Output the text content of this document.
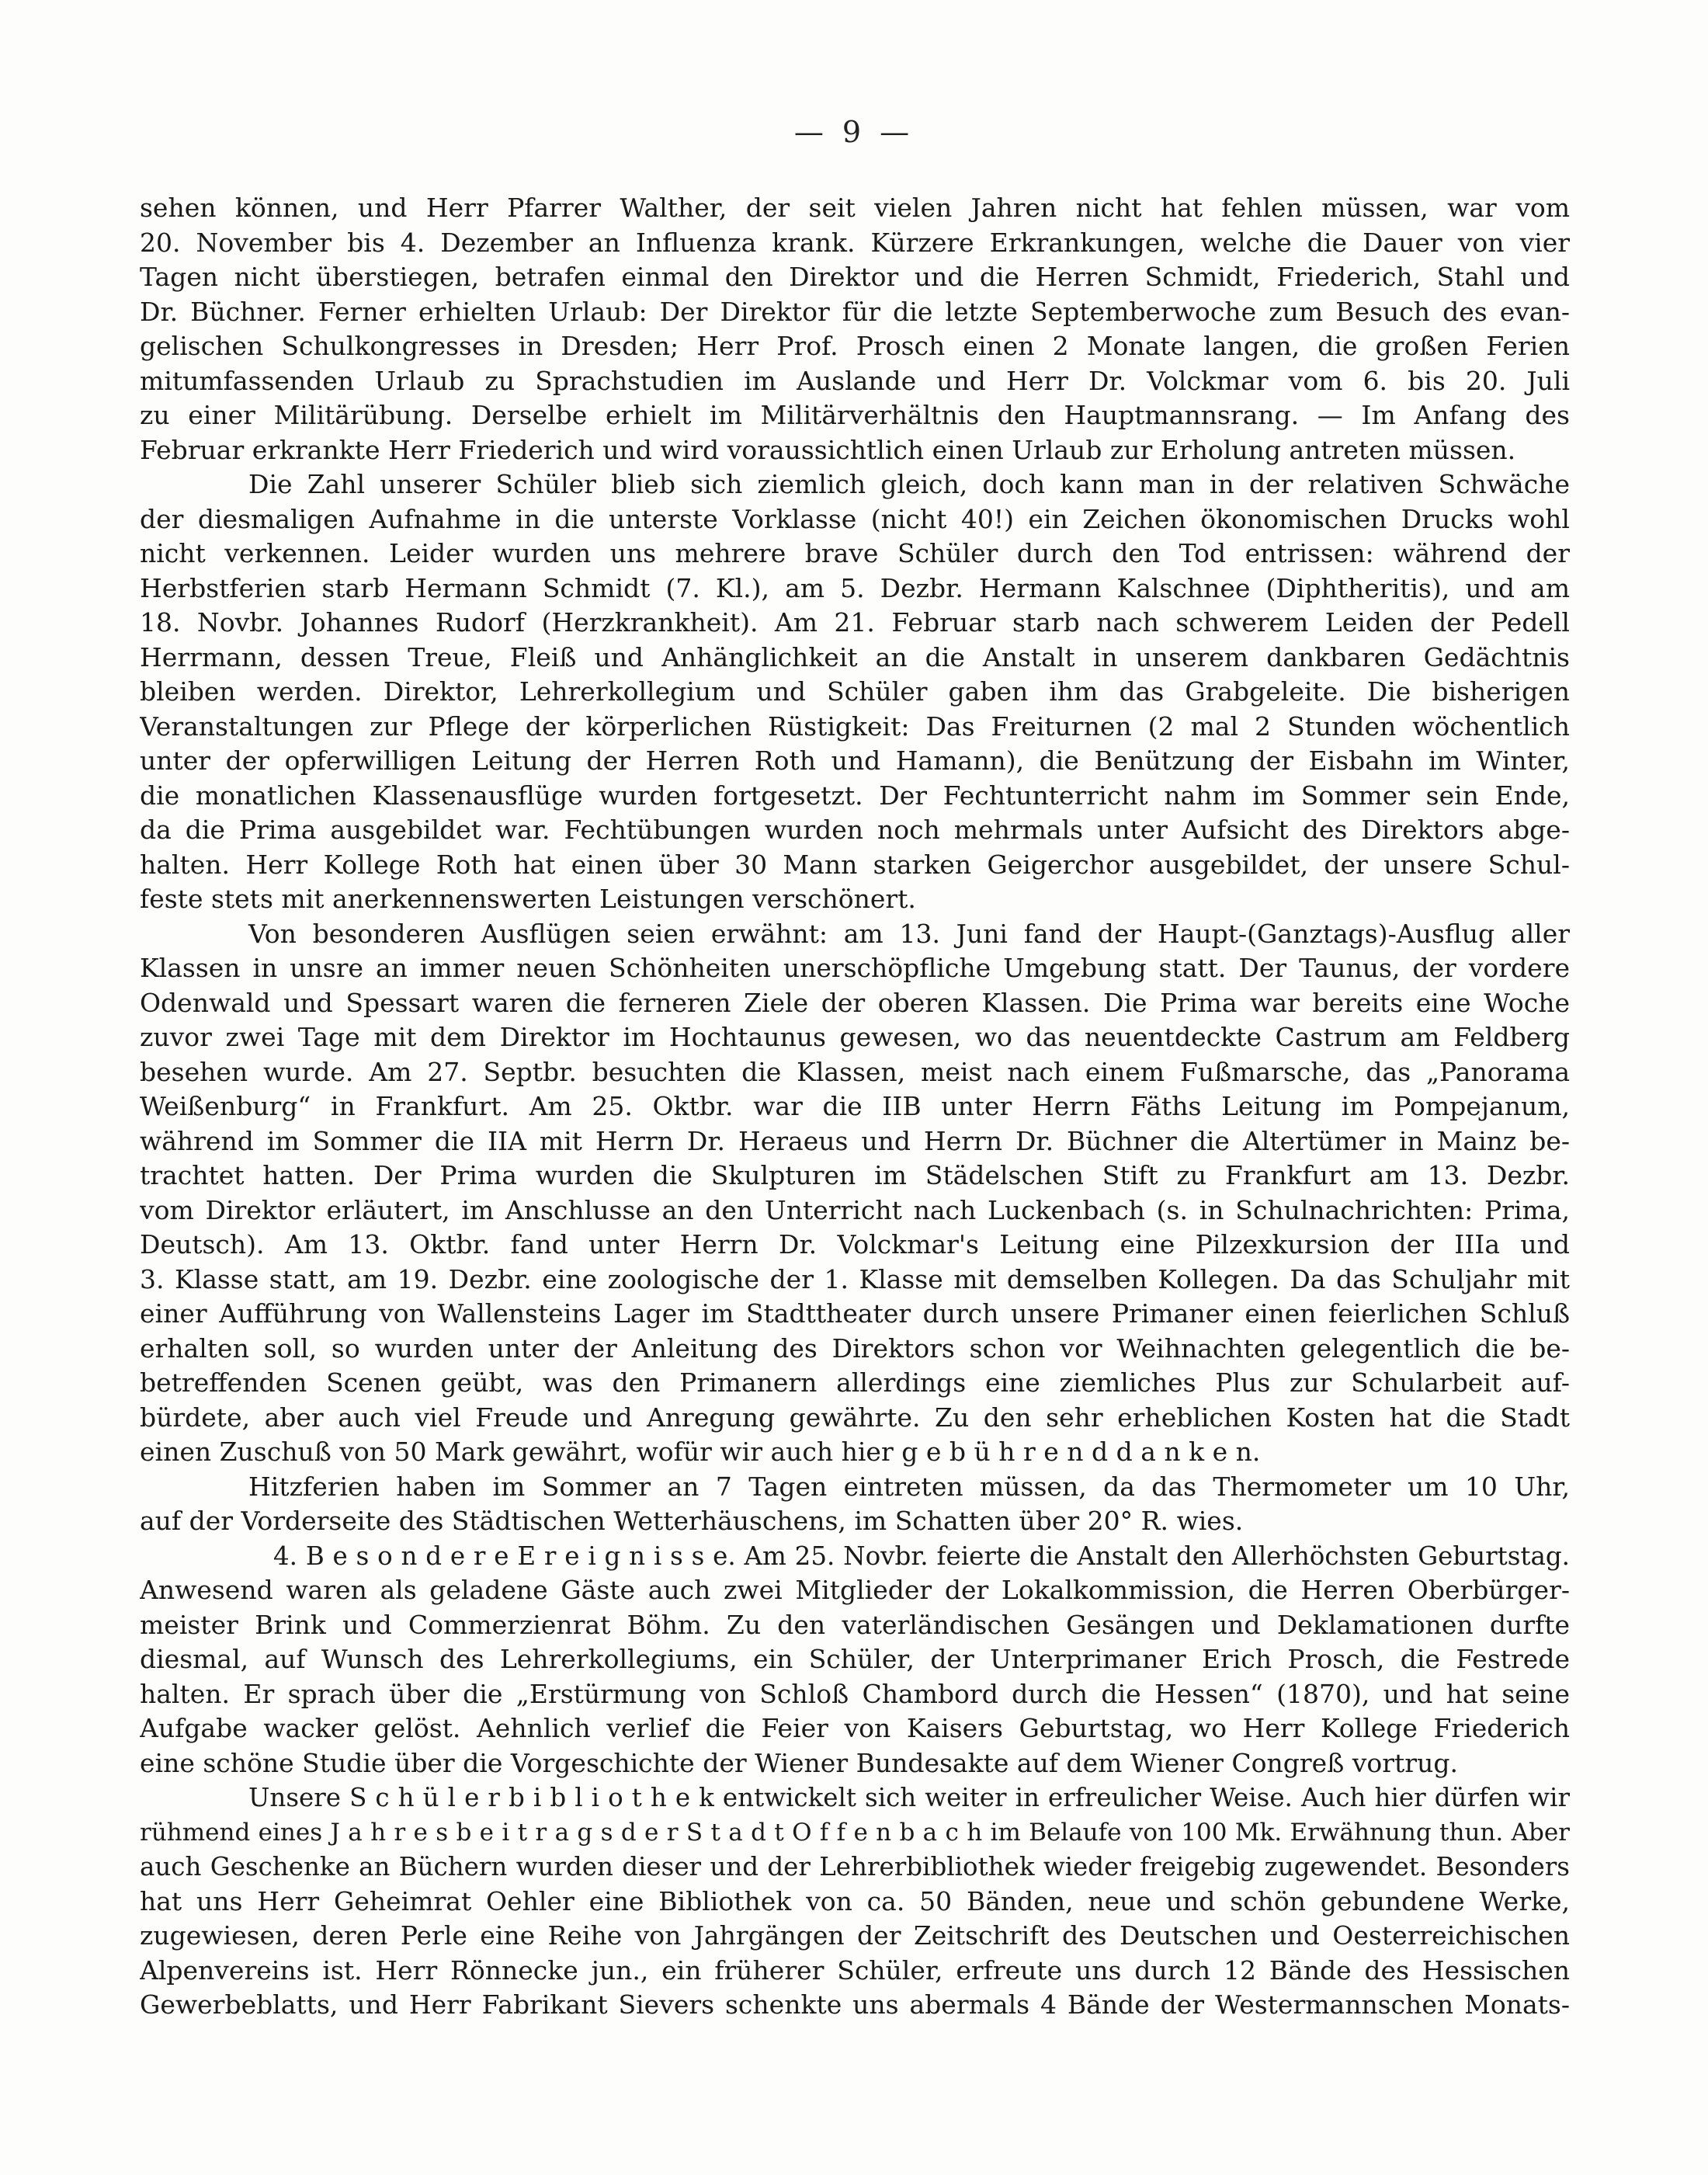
— 9 —
sehen können, und Herr Pfarrer Walther, der seit vielen Jahren nicht hat fehlen müssen, war vom
20. November bis 4. Dezember an Influenza krank. Kürzere Erkrankungen, welche die Dauer von vier
Tagen nicht überstiegen, betrafen einmal den Direktor und die Herren Schmidt, Friederich, Stahl und
Dr. Büchner. Ferner erhielten Urlaub: Der Direktor für die letzte Septemberwoche zum Besuch des evan-
gelischen Schulkongresses in Dresden; Herr Prof. Prosch einen 2 Monate langen, die großen Ferien
mitumfassenden Urlaub zu Sprachstudien im Auslande und Herr Dr. Volckmar vom 6. bis 20. Juli
zu einer Militärübung. Derselbe erhielt im Militärverhältnis den Hauptmannsrang. — Im Anfang des
Februar erkrankte Herr Friederich und wird voraussichtlich einen Urlaub zur Erholung antreten müssen.
Die Zahl unserer Schüler blieb sich ziemlich gleich, doch kann man in der relativen Schwäche
der diesmaligen Aufnahme in die unterste Vorklasse (nicht 40!) ein Zeichen ökonomischen Drucks wohl
nicht verkennen. Leider wurden uns mehrere brave Schüler durch den Tod entrissen: während der
Herbstferien starb Hermann Schmidt (7. Kl.), am 5. Dezbr. Hermann Kalschnee (Diphtheritis), und am
18. Novbr. Johannes Rudorf (Herzkrankheit). Am 21. Februar starb nach schwerem Leiden der Pedell
Herrmann, dessen Treue, Fleiß und Anhänglichkeit an die Anstalt in unserem dankbaren Gedächtnis
bleiben werden. Direktor, Lehrerkollegium und Schüler gaben ihm das Grabgeleite. Die bisherigen
Veranstaltungen zur Pflege der körperlichen Rüstigkeit: Das Freiturnen (2 mal 2 Stunden wöchentlich
unter der opferwilligen Leitung der Herren Roth und Hamann), die Benützung der Eisbahn im Winter,
die monatlichen Klassenausflüge wurden fortgesetzt. Der Fechtunterricht nahm im Sommer sein Ende,
da die Prima ausgebildet war. Fechtübungen wurden noch mehrmals unter Aufsicht des Direktors abge-
halten. Herr Kollege Roth hat einen über 30 Mann starken Geigerchor ausgebildet, der unsere Schul-
feste stets mit anerkennenswerten Leistungen verschönert.
Von besonderen Ausflügen seien erwähnt: am 13. Juni fand der Haupt-(Ganztags)-Ausflug aller
Klassen in unsre an immer neuen Schönheiten unerschöpfliche Umgebung statt. Der Taunus, der vordere
Odenwald und Spessart waren die ferneren Ziele der oberen Klassen. Die Prima war bereits eine Woche
zuvor zwei Tage mit dem Direktor im Hochtaunus gewesen, wo das neuentdeckte Castrum am Feldberg
besehen wurde. Am 27. Septbr. besuchten die Klassen, meist nach einem Fußmarsche, das „Panorama
Weißenburg“ in Frankfurt. Am 25. Oktbr. war die IIB unter Herrn Fäths Leitung im Pompejanum,
während im Sommer die IIA mit Herrn Dr. Heraeus und Herrn Dr. Büchner die Altertümer in Mainz be-
trachtet hatten. Der Prima wurden die Skulpturen im Städelschen Stift zu Frankfurt am 13. Dezbr.
vom Direktor erläutert, im Anschlusse an den Unterricht nach Luckenbach (s. in Schulnachrichten: Prima,
Deutsch). Am 13. Oktbr. fand unter Herrn Dr. Volckmar's Leitung eine Pilzexkursion der IIIa und
3. Klasse statt, am 19. Dezbr. eine zoologische der 1. Klasse mit demselben Kollegen. Da das Schuljahr mit
einer Aufführung von Wallensteins Lager im Stadttheater durch unsere Primaner einen feierlichen Schluß
erhalten soll, so wurden unter der Anleitung des Direktors schon vor Weihnachten gelegentlich die be-
betreffenden Scenen geübt, was den Primanern allerdings eine ziemliches Plus zur Schularbeit auf-
bürdete, aber auch viel Freude und Anregung gewährte. Zu den sehr erheblichen Kosten hat die Stadt
einen Zuschuß von 50 Mark gewährt, wofür wir auch hier g e b ü h r e n d d a n k e n.
Hitzferien haben im Sommer an 7 Tagen eintreten müssen, da das Thermometer um 10 Uhr,
auf der Vorderseite des Städtischen Wetterhäuschens, im Schatten über 20° R. wies.
4. B e s o n d e r e E r e i g n i s s e. Am 25. Novbr. feierte die Anstalt den Allerhöchsten Geburtstag.
Anwesend waren als geladene Gäste auch zwei Mitglieder der Lokalkommission, die Herren Oberbürger-
meister Brink und Commerzienrat Böhm. Zu den vaterländischen Gesängen und Deklamationen durfte
diesmal, auf Wunsch des Lehrerkollegiums, ein Schüler, der Unterprimaner Erich Prosch, die Festrede
halten. Er sprach über die „Erstürmung von Schloß Chambord durch die Hessen“ (1870), und hat seine
Aufgabe wacker gelöst. Aehnlich verlief die Feier von Kaisers Geburtstag, wo Herr Kollege Friederich
eine schöne Studie über die Vorgeschichte der Wiener Bundesakte auf dem Wiener Congreß vortrug.
Unsere S c h ü l e r b i b l i o t h e k entwickelt sich weiter in erfreulicher Weise. Auch hier dürfen wir
rühmend eines J a h r e s b e i t r a g s d e r S t a d t O f f e n b a c h im Belaufe von 100 Mk. Erwähnung thun. Aber
auch Geschenke an Büchern wurden dieser und der Lehrerbibliothek wieder freigebig zugewendet. Besonders
hat uns Herr Geheimrat Oehler eine Bibliothek von ca. 50 Bänden, neue und schön gebundene Werke,
zugewiesen, deren Perle eine Reihe von Jahrgängen der Zeitschrift des Deutschen und Oesterreichischen
Alpenvereins ist. Herr Rönnecke jun., ein früherer Schüler, erfreute uns durch 12 Bände des Hessischen
Gewerbeblatts, und Herr Fabrikant Sievers schenkte uns abermals 4 Bände der Westermannschen Monats-
